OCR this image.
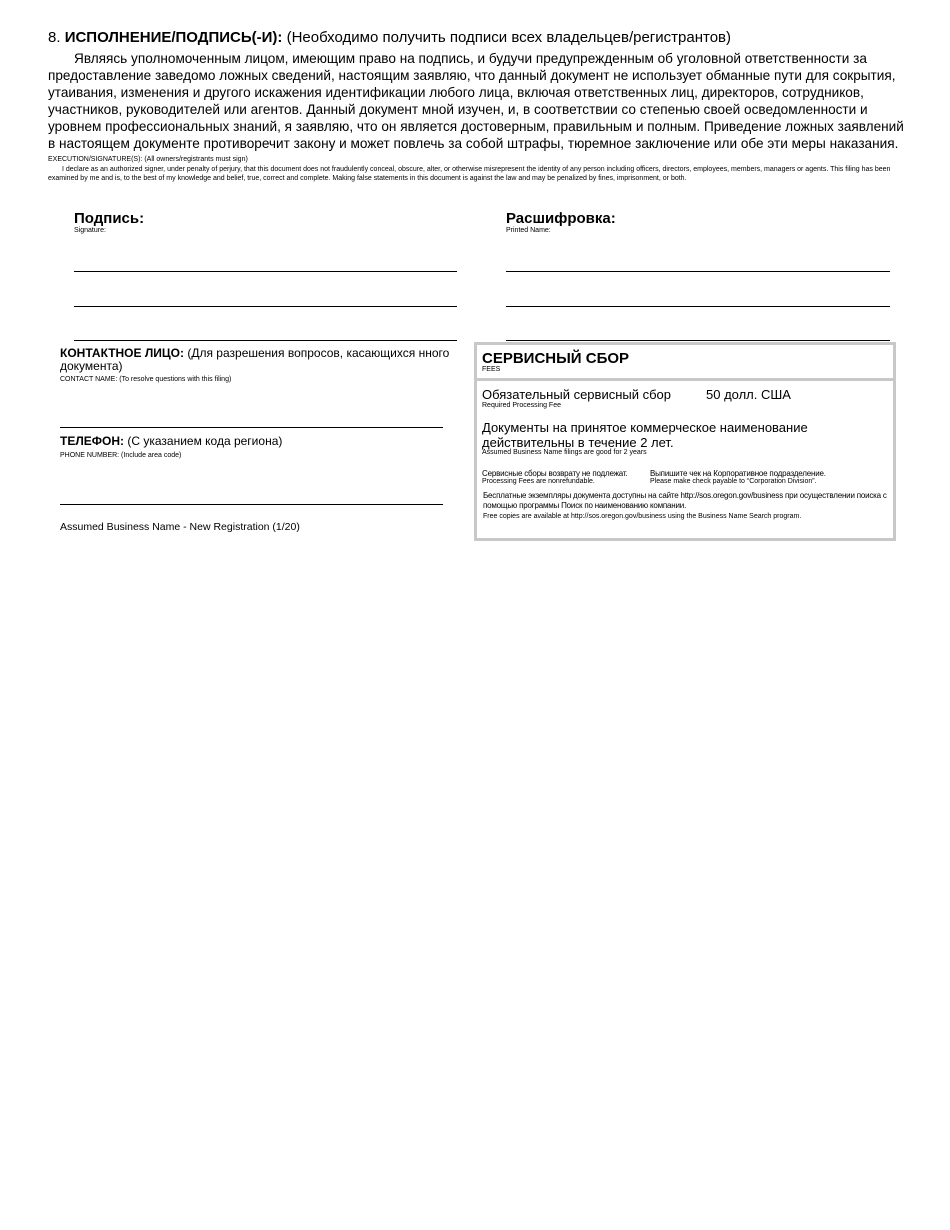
8. ИСПОЛНЕНИЕ/ПОДПИСЬ(-И): (Необходимо получить подписи всех владельцев/регистрантов)
Являясь уполномоченным лицом, имеющим право на подпись, и будучи предупрежденным об уголовной ответственности за предоставление заведомо ложных сведений, настоящим заявляю, что данный документ не использует обманные пути для сокрытия, утаивания, изменения и другого искажения идентификации любого лица, включая ответственных лиц, директоров, сотрудников, участников, руководителей или агентов. Данный документ мной изучен, и, в соответствии со степенью своей осведомленности и уровнем профессиональных знаний, я заявляю, что он является достоверным, правильным и полным. Приведение ложных заявлений в настоящем документе противоречит закону и может повлечь за собой штрафы, тюремное заключение или обе эти меры наказания.
EXECUTION/SIGNATURE(S): (All owners/registrants must sign)
I declare as an authorized signer, under penalty of perjury, that this document does not fraudulently conceal, obscure, alter, or otherwise misrepresent the identity of any person including officers, directors, employees, members, managers or agents. This filing has been examined by me and is, to the best of my knowledge and belief, true, correct and complete. Making false statements in this document is against the law and may be penalized by fines, imprisonment, or both.
Подпись:
Signature:
Расшифровка:
Printed Name:
КОНТАКТНОЕ ЛИЦО: (Для разрешения вопросов, касающихся нного документа)
CONTACT NAME: (To resolve questions with this filing)
ТЕЛЕФОН: (С указанием кода региона)
PHONE NUMBER: (Include area code)
Assumed Business Name - New Registration (1/20)
СЕРВИСНЫЙ СБОР
FEES
Обязательный сервисный сбор	50 долл. США
Required Processing Fee
Документы на принятое коммерческое наименование действительны в течение 2 лет.
Assumed Business Name filings are good for 2 years
Сервисные сборы возврату не подлежат.
Processing Fees are nonrefundable.
Выпишите чек на Корпоративное подразделение.
Please make check payable to “Corporation Division”.
Бесплатные экземпляры документа доступны на сайте http://sos.oregon.gov/business при осуществлении поиска с помощью программы Поиск по наименованию компании.
Free copies are available at http://sos.oregon.gov/business using the Business Name Search program.
